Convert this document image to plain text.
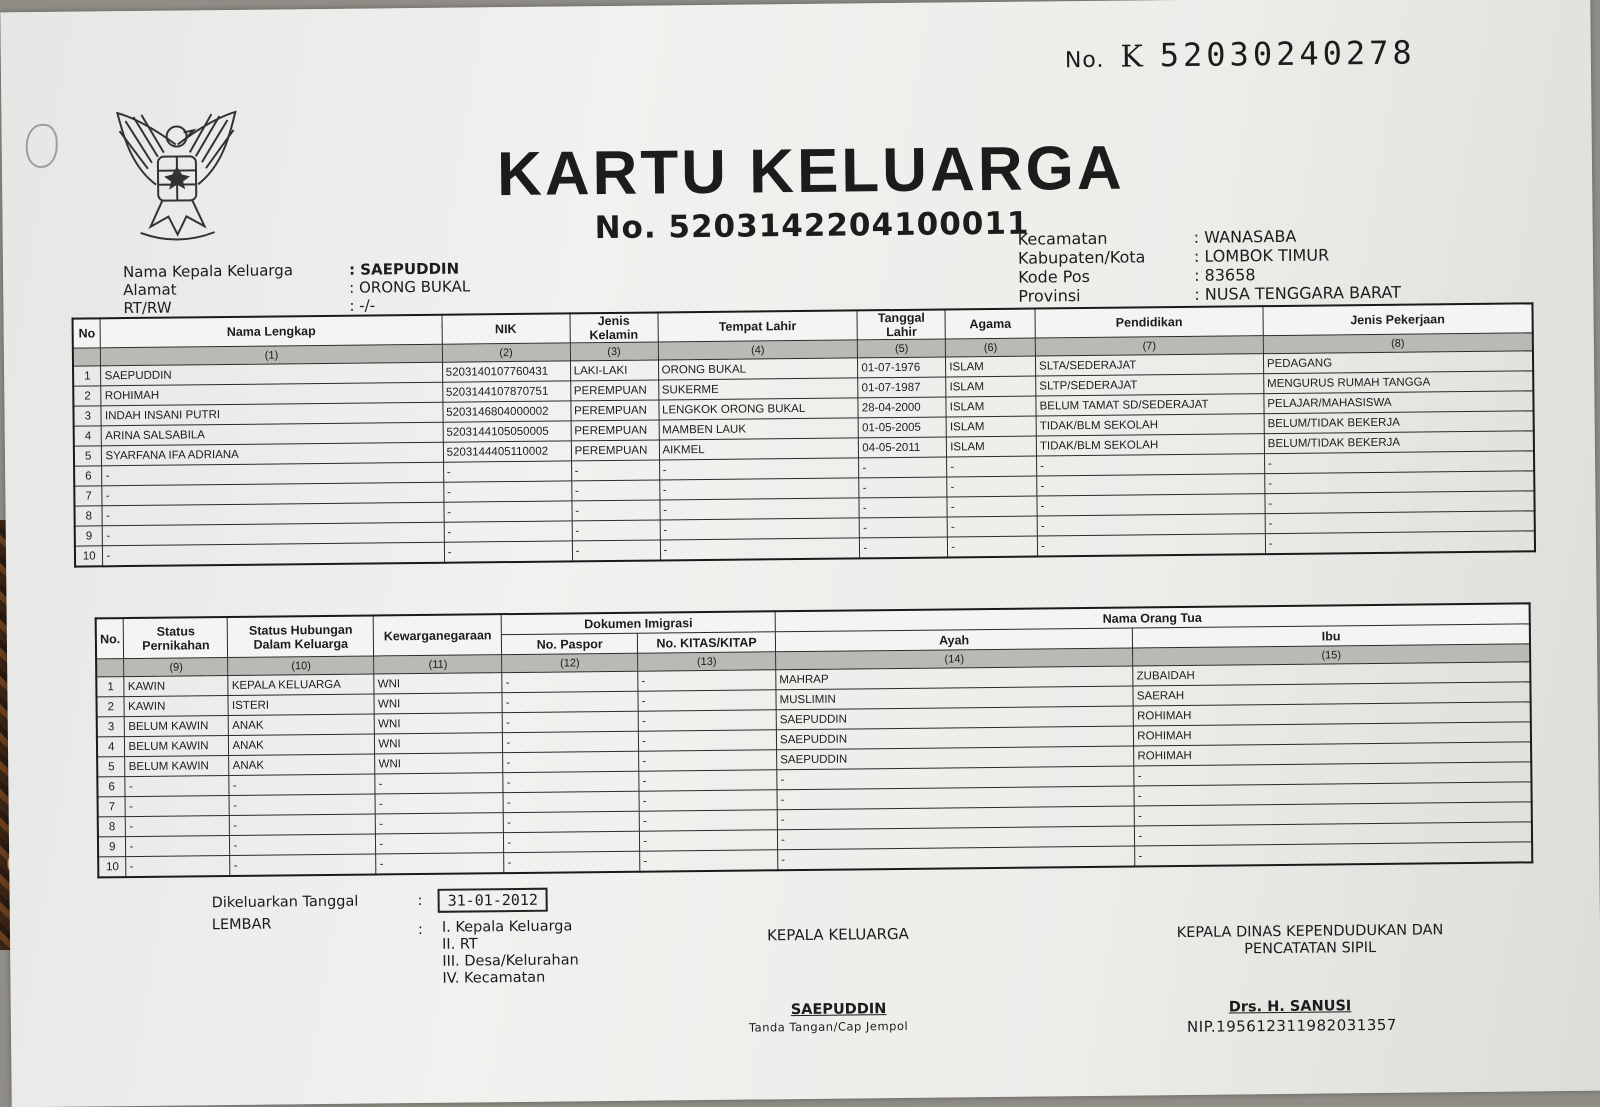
No. K 52030240278
KARTU KELUARGA
No. 5203142204100011
Nama Kepala Keluarga	: SAEPUDDIN
Alamat	: ORONG BUKAL
RT/RW	: -/-
Kecamatan	: WANASABA
Kabupaten/Kota	: LOMBOK TIMUR
Kode Pos	: 83658
Provinsi	: NUSA TENGGARA BARAT
No	Nama Lengkap	NIK	Jenis Kelamin	Tempat Lahir	Tanggal Lahir	Agama	Pendidikan	Jenis Pekerjaan
	(1)	(2)	(3)	(4)	(5)	(6)	(7)	(8)
1	SAEPUDDIN	5203140107760431	LAKI-LAKI	ORONG BUKAL	01-07-1976	ISLAM	SLTA/SEDERAJAT	PEDAGANG
2	ROHIMAH	5203144107870751	PEREMPUAN	SUKERME	01-07-1987	ISLAM	SLTP/SEDERAJAT	MENGURUS RUMAH TANGGA
3	INDAH INSANI PUTRI	5203146804000002	PEREMPUAN	LENGKOK ORONG BUKAL	28-04-2000	ISLAM	BELUM TAMAT SD/SEDERAJAT	PELAJAR/MAHASISWA
4	ARINA SALSABILA	5203144105050005	PEREMPUAN	MAMBEN LAUK	01-05-2005	ISLAM	TIDAK/BLM SEKOLAH	BELUM/TIDAK BEKERJA
5	SYARFANA IFA ADRIANA	5203144405110002	PEREMPUAN	AIKMEL	04-05-2011	ISLAM	TIDAK/BLM SEKOLAH	BELUM/TIDAK BEKERJA
6	-	-	-	-	-	-	-	-
7	-	-	-	-	-	-	-	-
8	-	-	-	-	-	-	-	-
9	-	-	-	-	-	-	-	-
10	-	-	-	-	-	-	-	-
No.	Status Pernikahan	Status Hubungan Dalam Keluarga	Kewarganegaraan	Dokumen Imigrasi		Nama Orang Tua	
				No. Paspor	No. KITAS/KITAP	Ayah	Ibu
	(9)	(10)	(11)	(12)	(13)	(14)	(15)
1	KAWIN	KEPALA KELUARGA	WNI	-	-	MAHRAP	ZUBAIDAH
2	KAWIN	ISTERI	WNI	-	-	MUSLIMIN	SAERAH
3	BELUM KAWIN	ANAK	WNI	-	-	SAEPUDDIN	ROHIMAH
4	BELUM KAWIN	ANAK	WNI	-	-	SAEPUDDIN	ROHIMAH
5	BELUM KAWIN	ANAK	WNI	-	-	SAEPUDDIN	ROHIMAH
6	-	-	-	-	-	-	-
7	-	-	-	-	-	-	-
8	-	-	-	-	-	-	-
9	-	-	-	-	-	-	-
10	-	-	-	-	-	-	-
Dikeluarkan Tanggal	:	31-01-2012
LEMBAR	: I. Kepala Keluarga
II. RT
III. Desa/Kelurahan
IV. Kecamatan
KEPALA KELUARGA
SAEPUDDIN
Tanda Tangan/Cap Jempol
KEPALA DINAS KEPENDUDUKAN DAN PENCATATAN SIPIL
Drs. H. SANUSI
NIP.195612311982031357
